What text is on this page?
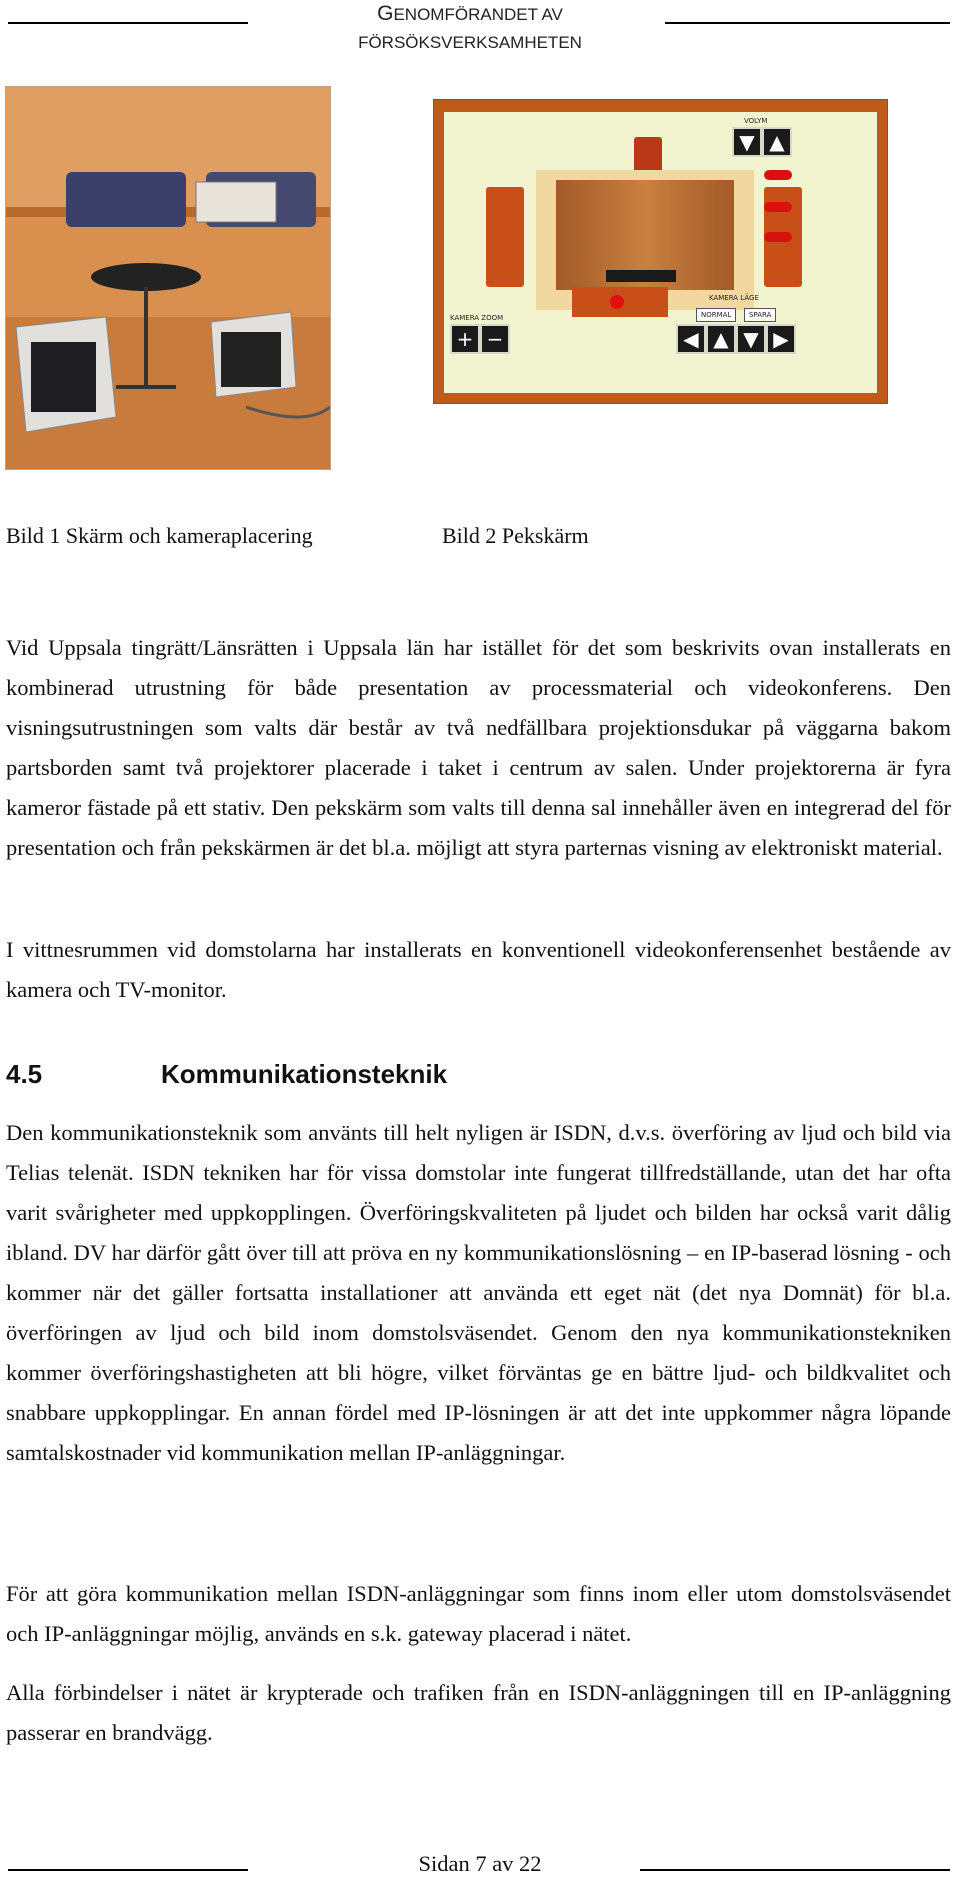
GENOMFÖRANDET AV
FÖRSÖKSVERKSAMHETEN
VOLYM
▼ ▲
KAMERA ZOOM
+ −
KAMERA LÄGE
NORMAL	SPARA
◀ ▲ ▼ ▶
Bild 1 Skärm och kameraplacering	Bild 2 Pekskärm

Vid Uppsala tingrätt/Länsrätten i Uppsala län har istället för det som beskrivits ovan installerats en kombinerad utrustning för både presentation av processmaterial och videokonferens. Den visningsutrustningen som valts där består av två nedfällbara projektionsdukar på väggarna bakom partsborden samt två projektorer placerade i taket i centrum av salen. Under projektorerna är fyra kameror fästade på ett stativ. Den pekskärm som valts till denna sal innehåller även en integrerad del för presentation och från pekskärmen är det bl.a. möjligt att styra parternas visning av elektroniskt material.

I vittnesrummen vid domstolarna har installerats en konventionell videokonferensenhet bestående av kamera och TV-monitor.

4.5	Kommunikationsteknik

Den kommunikationsteknik som använts till helt nyligen är ISDN, d.v.s. överföring av ljud och bild via Telias telenät. ISDN tekniken har för vissa domstolar inte fungerat tillfredställande, utan det har ofta varit svårigheter med uppkopplingen. Överföringskvaliteten på ljudet och bilden har också varit dålig ibland. DV har därför gått över till att pröva en ny kommunikationslösning – en IP-baserad lösning - och kommer när det gäller fortsatta installationer att använda ett eget nät (det nya Domnät) för bl.a. överföringen av ljud och bild inom domstolsväsendet. Genom den nya kommunikationstekniken kommer överföringshastigheten att bli högre, vilket förväntas ge en bättre ljud- och bildkvalitet och snabbare uppkopplingar. En annan fördel med IP-lösningen är att det inte uppkommer några löpande samtalskostnader vid kommunikation mellan IP-anläggningar.

För att göra kommunikation mellan ISDN-anläggningar som finns inom eller utom domstolsväsendet och IP-anläggningar möjlig, används en s.k. gateway placerad i nätet.

Alla förbindelser i nätet är krypterade och trafiken från en ISDN-anläggningen till en IP-anläggning passerar en brandvägg.

Sidan 7 av 22
